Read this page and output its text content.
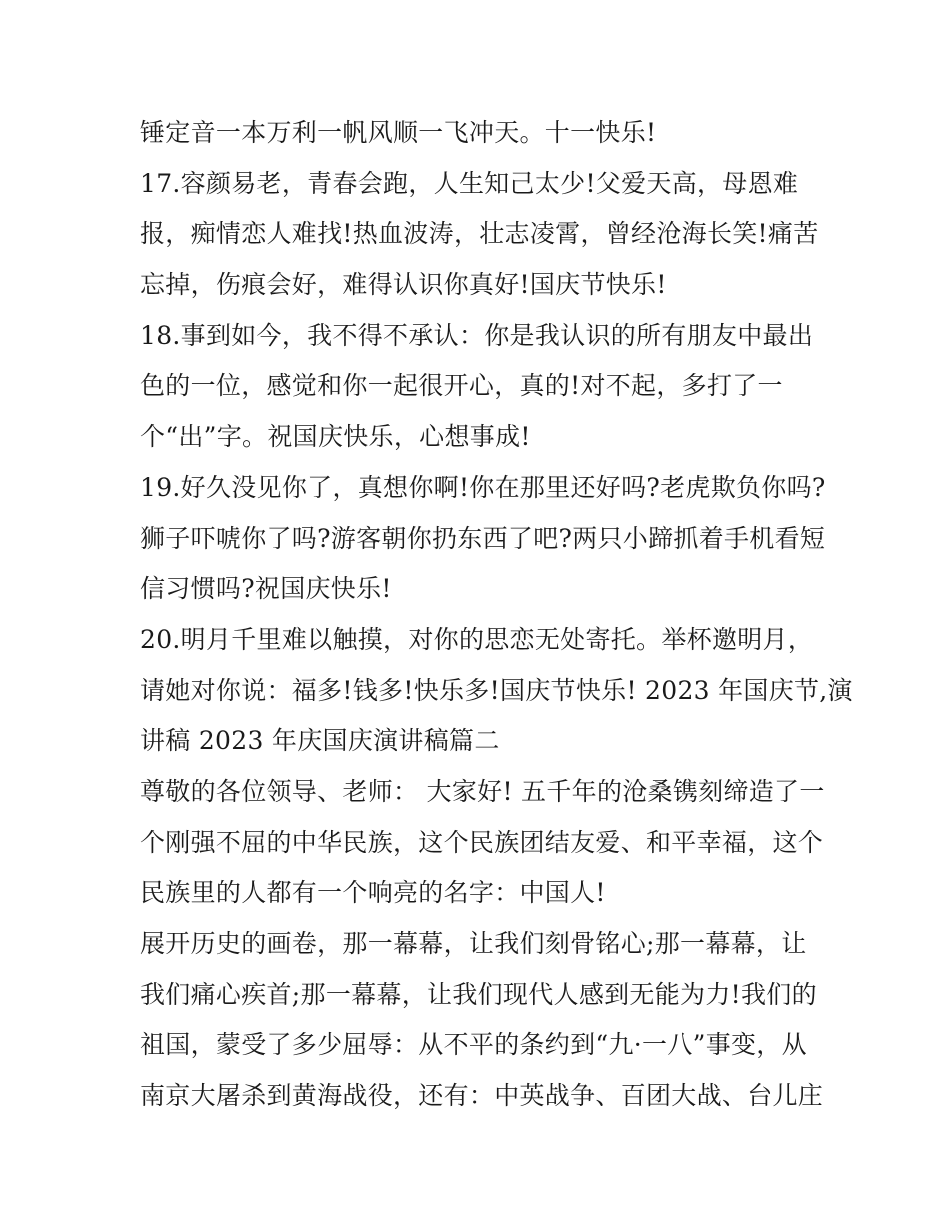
锤定音一本万利一帆风顺一飞冲天。十一快乐!
17.容颜易老，青春会跑，人生知己太少!父爱天高，母恩难
报，痴情恋人难找!热血波涛，壮志凌霄，曾经沧海长笑!痛苦
忘掉，伤痕会好，难得认识你真好!国庆节快乐!
18.事到如今，我不得不承认：你是我认识的所有朋友中最出
色的一位，感觉和你一起很开心，真的!对不起，多打了一
个“出”字。祝国庆快乐，心想事成!
19.好久没见你了，真想你啊!你在那里还好吗?老虎欺负你吗?
狮子吓唬你了吗?游客朝你扔东西了吧?两只小蹄抓着手机看短
信习惯吗?祝国庆快乐!
20.明月千里难以触摸，对你的思恋无处寄托。举杯邀明月，
请她对你说：福多!钱多!快乐多!国庆节快乐! 2023 年国庆节,演
讲稿 2023 年庆国庆演讲稿篇二
尊敬的各位领导、老师： 大家好! 五千年的沧桑镌刻缔造了一
个刚强不屈的中华民族，这个民族团结友爱、和平幸福，这个
民族里的人都有一个响亮的名字：中国人!
展开历史的画卷，那一幕幕，让我们刻骨铭心;那一幕幕，让
我们痛心疾首;那一幕幕，让我们现代人感到无能为力!我们的
祖国，蒙受了多少屈辱：从不平的条约到“九·一八”事变，从
南京大屠杀到黄海战役，还有：中英战争、百团大战、台儿庄
